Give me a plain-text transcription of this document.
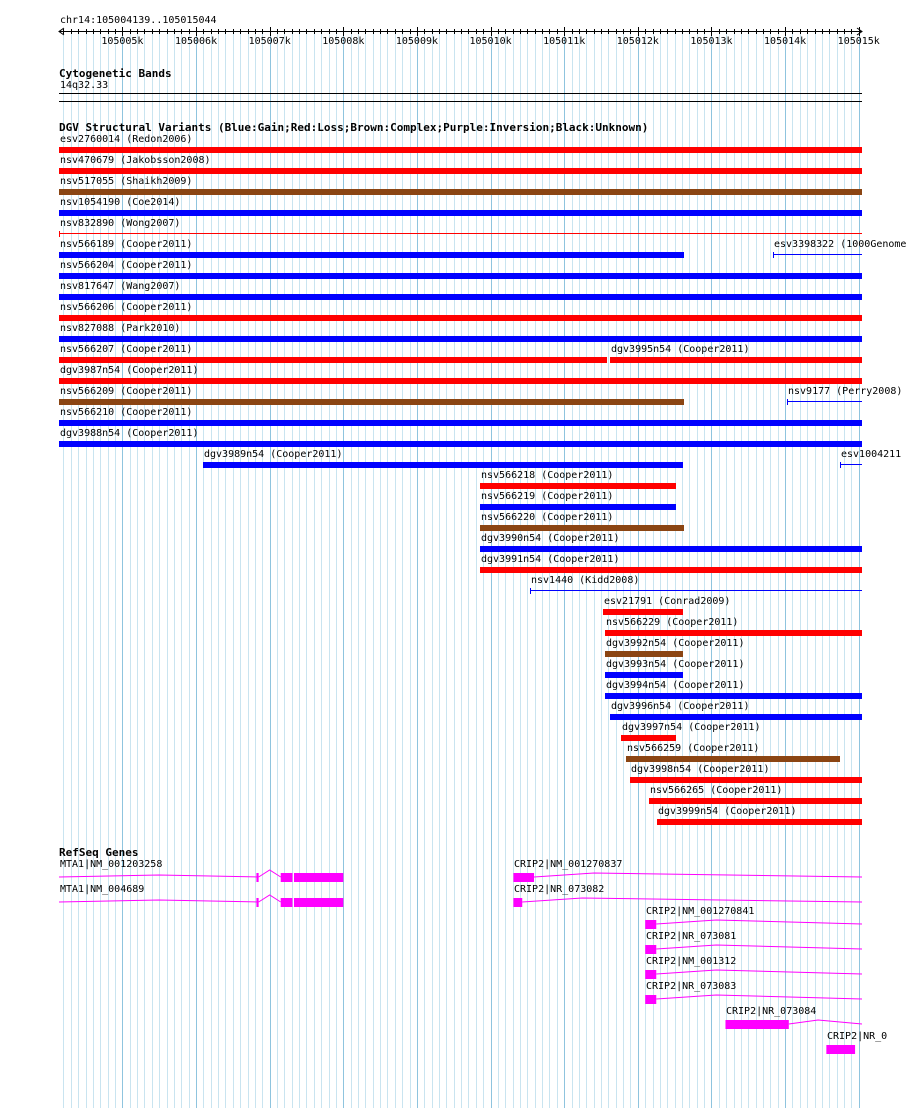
chr14:105004139..105015044
105005k	105006k	105007k	105008k	105009k	105010k	105011k	105012k	105013k	105014k	105015k
Cytogenetic Bands
14q32.33
DGV Structural Variants (Blue:Gain;Red:Loss;Brown:Complex;Purple:Inversion;Black:Unknown)
esv2760014 (Redon2006)
nsv470679 (Jakobsson2008)
nsv517055 (Shaikh2009)
nsv1054190 (Coe2014)
nsv832890 (Wong2007)
nsv566189 (Cooper2011)	esv3398322 (1000Genome
nsv566204 (Cooper2011)
nsv817647 (Wang2007)
nsv566206 (Cooper2011)
nsv827088 (Park2010)
nsv566207 (Cooper2011)	dgv3995n54 (Cooper2011)
dgv3987n54 (Cooper2011)
nsv566209 (Cooper2011)	nsv9177 (Perry2008)
nsv566210 (Cooper2011)
dgv3988n54 (Cooper2011)
dgv3989n54 (Cooper2011)	esv1004211
nsv566218 (Cooper2011)
nsv566219 (Cooper2011)
nsv566220 (Cooper2011)
dgv3990n54 (Cooper2011)
dgv3991n54 (Cooper2011)
nsv1440 (Kidd2008)
esv21791 (Conrad2009)
nsv566229 (Cooper2011)
dgv3992n54 (Cooper2011)
dgv3993n54 (Cooper2011)
dgv3994n54 (Cooper2011)
dgv3996n54 (Cooper2011)
dgv3997n54 (Cooper2011)
nsv566259 (Cooper2011)
dgv3998n54 (Cooper2011)
nsv566265 (Cooper2011)
dgv3999n54 (Cooper2011)
RefSeq Genes
MTA1|NM_001203258
MTA1|NM_004689
CRIP2|NM_001270837
CRIP2|NR_073082
CRIP2|NM_001270841
CRIP2|NR_073081
CRIP2|NM_001312
CRIP2|NR_073083
CRIP2|NR_073084
CRIP2|NR_0
